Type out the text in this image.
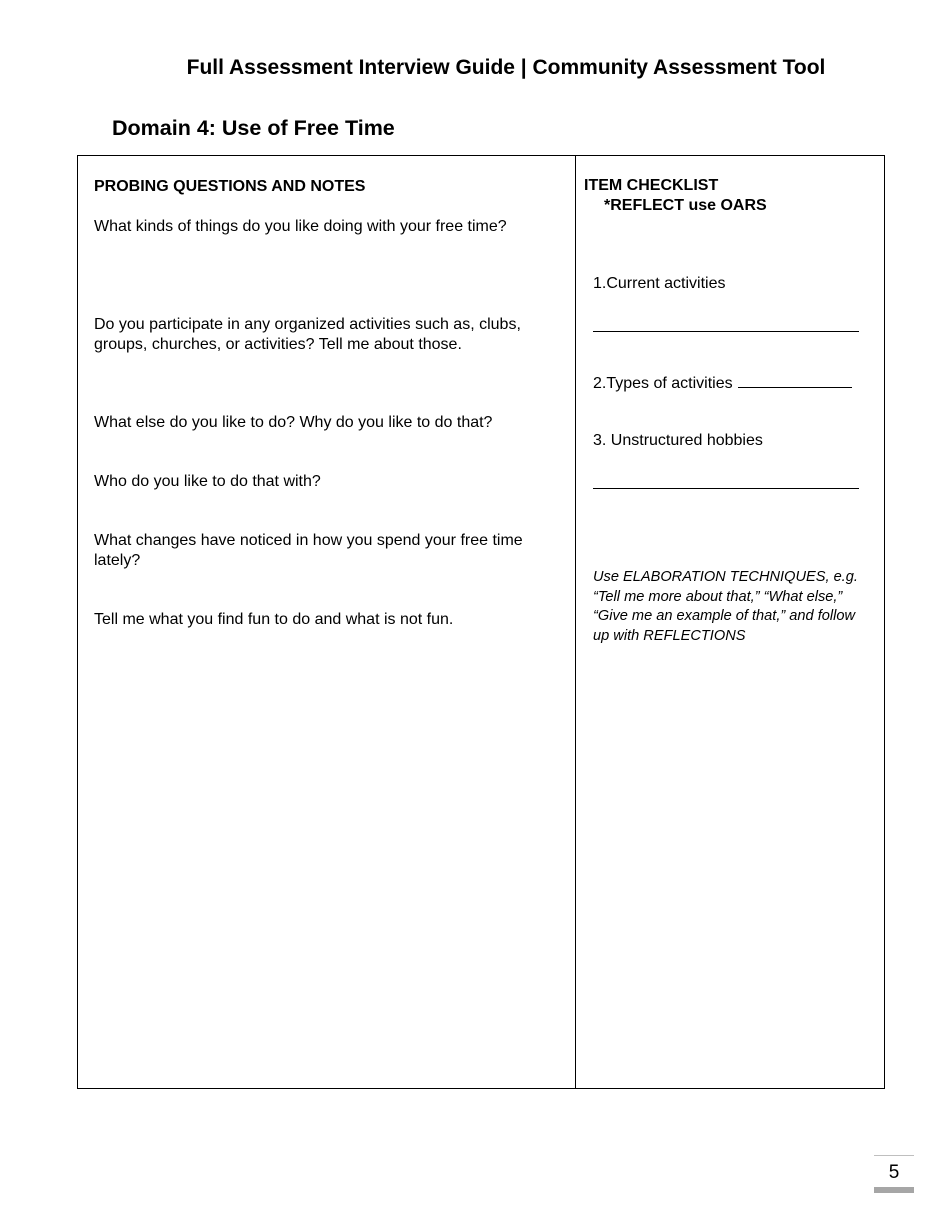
Full Assessment Interview Guide | Community Assessment Tool
Domain 4: Use of Free Time
PROBING QUESTIONS AND NOTES
What kinds of things do you like doing with your free time?
Do you participate in any organized activities such as, clubs, groups, churches, or activities? Tell me about those.
What else do you like to do? Why do you like to do that?
Who do you like to do that with?
What changes have noticed in how you spend your free time lately?
Tell me what you find fun to do and what is not fun.
ITEM CHECKLIST
*REFLECT use OARS
1.Current activities
2.Types of activities
3. Unstructured hobbies
Use ELABORATION TECHNIQUES, e.g. “Tell me more about that,” “What else,” “Give me an example of that,” and follow up with REFLECTIONS
5
